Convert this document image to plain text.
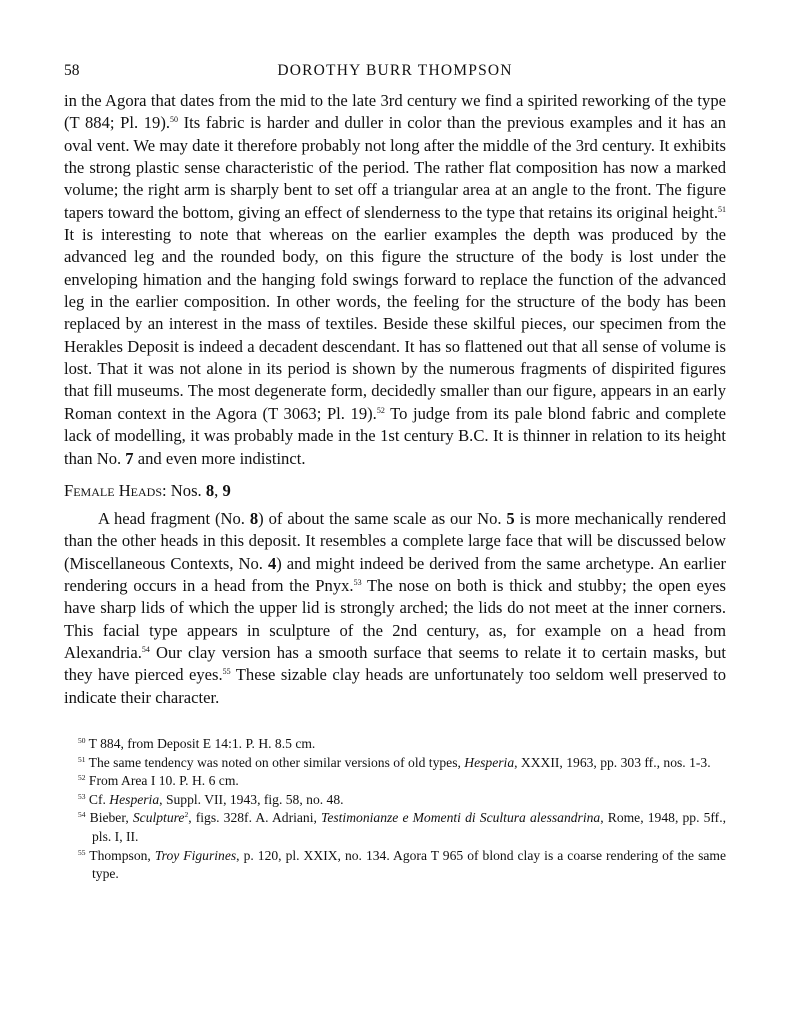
58	DOROTHY BURR THOMPSON

in the Agora that dates from the mid to the late 3rd century we find a spirited reworking of the type (T 884; Pl. 19).$^{50}$ Its fabric is harder and duller in color than the previous examples and it has an oval vent. We may date it therefore probably not long after the middle of the 3rd century. It exhibits the strong plastic sense characteristic of the period. The rather flat composition has now a marked volume; the right arm is sharply bent to set off a triangular area at an angle to the front. The figure tapers toward the bottom, giving an effect of slenderness to the type that retains its original height.$^{51}$ It is interesting to note that whereas on the earlier examples the depth was produced by the advanced leg and the rounded body, on this figure the structure of the body is lost under the enveloping himation and the hanging fold swings forward to replace the function of the advanced leg in the earlier composition. In other words, the feeling for the structure of the body has been replaced by an interest in the mass of textiles. Beside these skilful pieces, our specimen from the Herakles Deposit is indeed a decadent descendant. It has so flattened out that all sense of volume is lost. That it was not alone in its period is shown by the numerous fragments of dispirited figures that fill museums. The most degenerate form, decidedly smaller than our figure, appears in an early Roman context in the Agora (T 3063; Pl. 19).$^{52}$ To judge from its pale blond fabric and complete lack of modelling, it was probably made in the 1st century B.C. It is thinner in relation to its height than No. 7 and even more indistinct.

Female Heads: Nos. 8, 9

A head fragment (No. 8) of about the same scale as our No. 5 is more mechanically rendered than the other heads in this deposit. It resembles a complete large face that will be discussed below (Miscellaneous Contexts, No. 4) and might indeed be derived from the same archetype. An earlier rendering occurs in a head from the Pnyx.$^{53}$ The nose on both is thick and stubby; the open eyes have sharp lids of which the upper lid is strongly arched; the lids do not meet at the inner corners. This facial type appears in sculpture of the 2nd century, as, for example on a head from Alexandria.$^{54}$ Our clay version has a smooth surface that seems to relate it to certain masks, but they have pierced eyes.$^{55}$ These sizable clay heads are unfortunately too seldom well preserved to indicate their character.

$^{50}$ T 884, from Deposit E 14:1. P. H. 8.5 cm.

$^{51}$ The same tendency was noted on other similar versions of old types, Hesperia, XXXII, 1963, pp. 303 ff., nos. 1-3.

$^{52}$ From Area I 10. P. H. 6 cm.

$^{53}$ Cf. Hesperia, Suppl. VII, 1943, fig. 58, no. 48.

$^{54}$ Bieber, Sculpture$^2$, figs. 328f. A. Adriani, Testimonianze e Momenti di Scultura alessandrina, Rome, 1948, pp. 5ff., pls. I, II.

$^{55}$ Thompson, Troy Figurines, p. 120, pl. XXIX, no. 134. Agora T 965 of blond clay is a coarse rendering of the same type.
